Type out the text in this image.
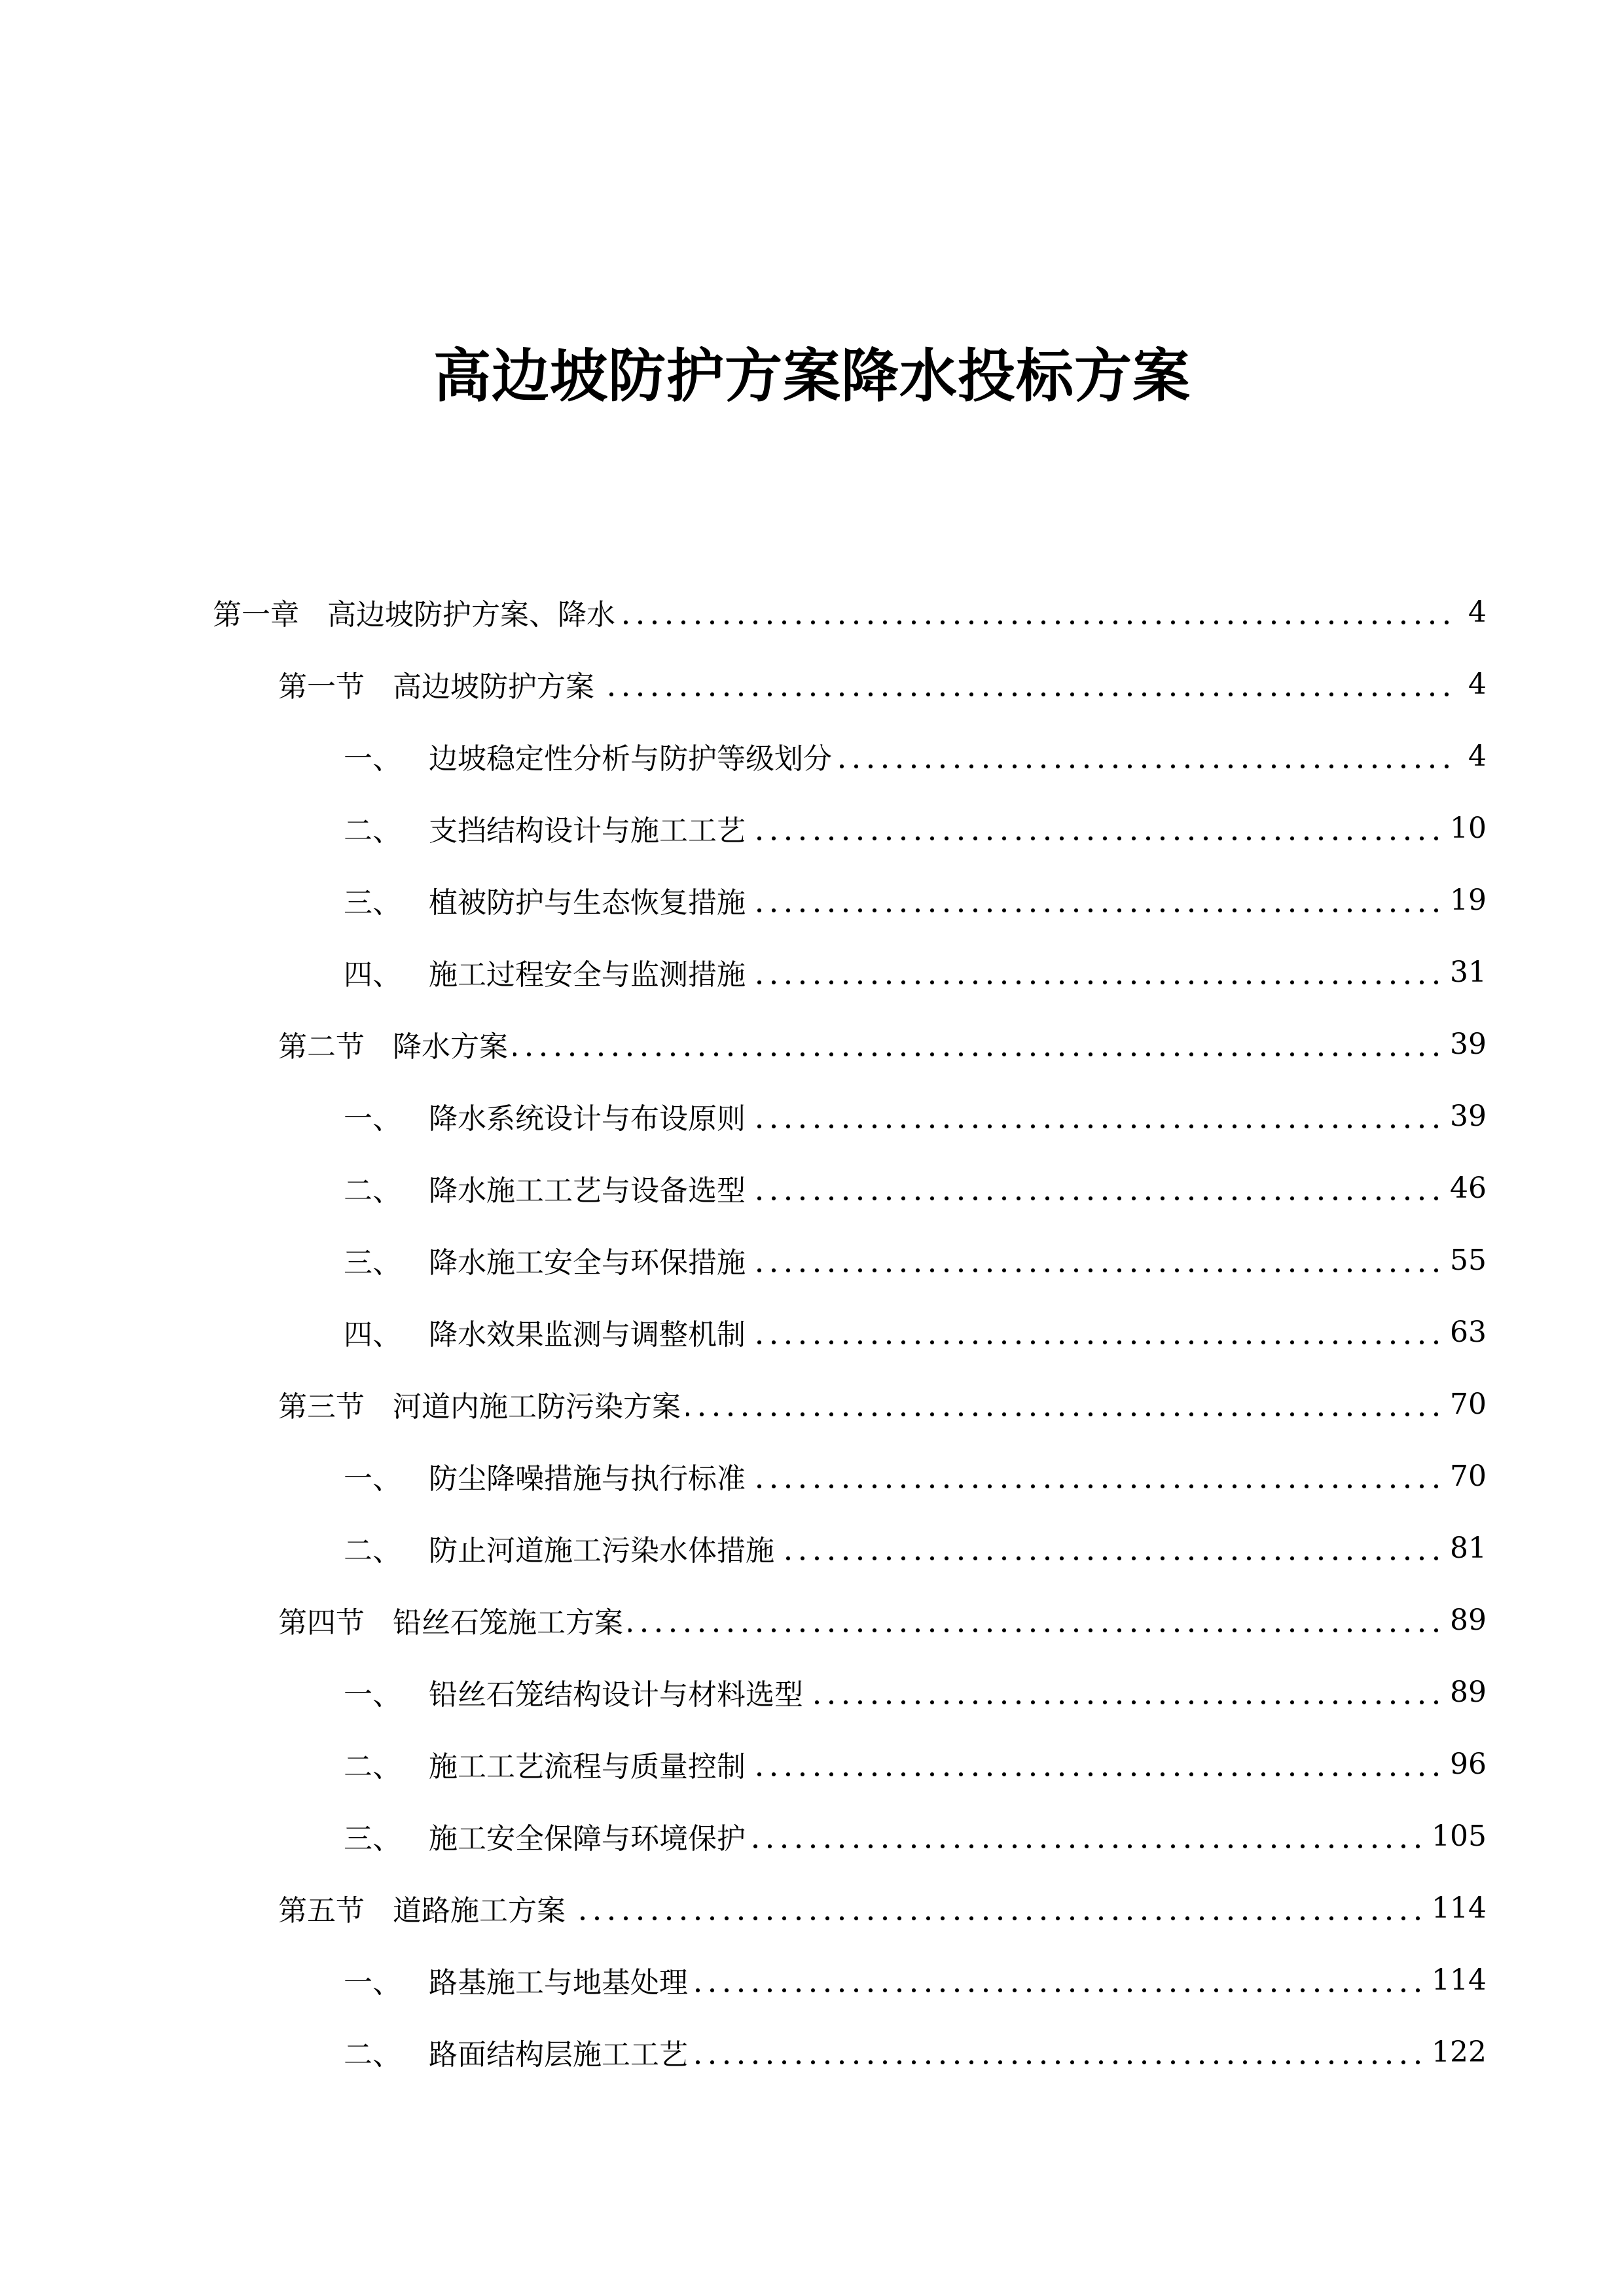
高边坡防护方案降水投标方案
第一章 高边坡防护方案、降水	4
第一节 高边坡防护方案	4
一、 边坡稳定性分析与防护等级划分	4
二、 支挡结构设计与施工工艺	10
三、 植被防护与生态恢复措施	19
四、 施工过程安全与监测措施	31
第二节 降水方案	39
一、 降水系统设计与布设原则	39
二、 降水施工工艺与设备选型	46
三、 降水施工安全与环保措施	55
四、 降水效果监测与调整机制	63
第三节 河道内施工防污染方案	70
一、 防尘降噪措施与执行标准	70
二、 防止河道施工污染水体措施	81
第四节 铅丝石笼施工方案	89
一、 铅丝石笼结构设计与材料选型	89
二、 施工工艺流程与质量控制	96
三、 施工安全保障与环境保护	105
第五节 道路施工方案	114
一、 路基施工与地基处理	114
二、 路面结构层施工工艺	122
